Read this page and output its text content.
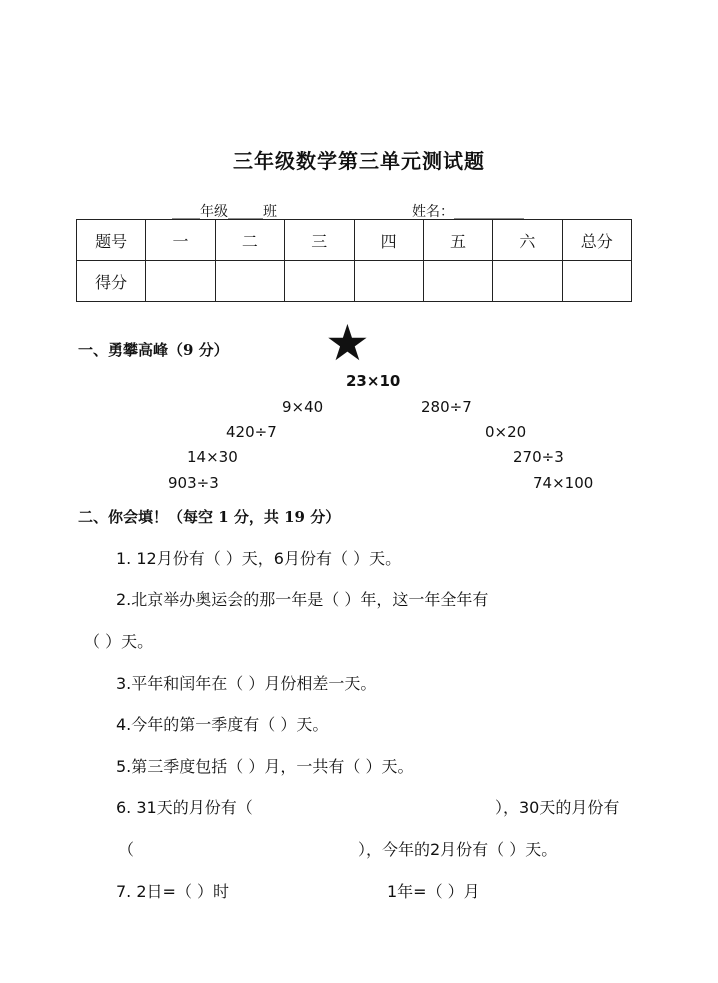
三年级数学第三单元测试题
____年级_____班	姓名：__________
题号	一	二	三	四	五	六	总分
得分							
一、勇攀高峰（9 分） ★
23×10
9×40	280÷7
420÷7	0×20
14×30	270÷3
903÷3	74×100
二、你会填！（每空 1 分，共 19 分）
1. 12月份有（ ）天，6月份有（ ）天。
2.北京举办奥运会的那一年是（ ）年，这一年全年有
（ ）天。
3.平年和闰年在（ ）月份相差一天。
4.今年的第一季度有（ ）天。
5.第三季度包括（ ）月，一共有（ ）天。
6. 31天的月份有（	），30天的月份有
（	），今年的2月份有（ ）天。
7. 2日=（ ）时	1年=（ ）月
